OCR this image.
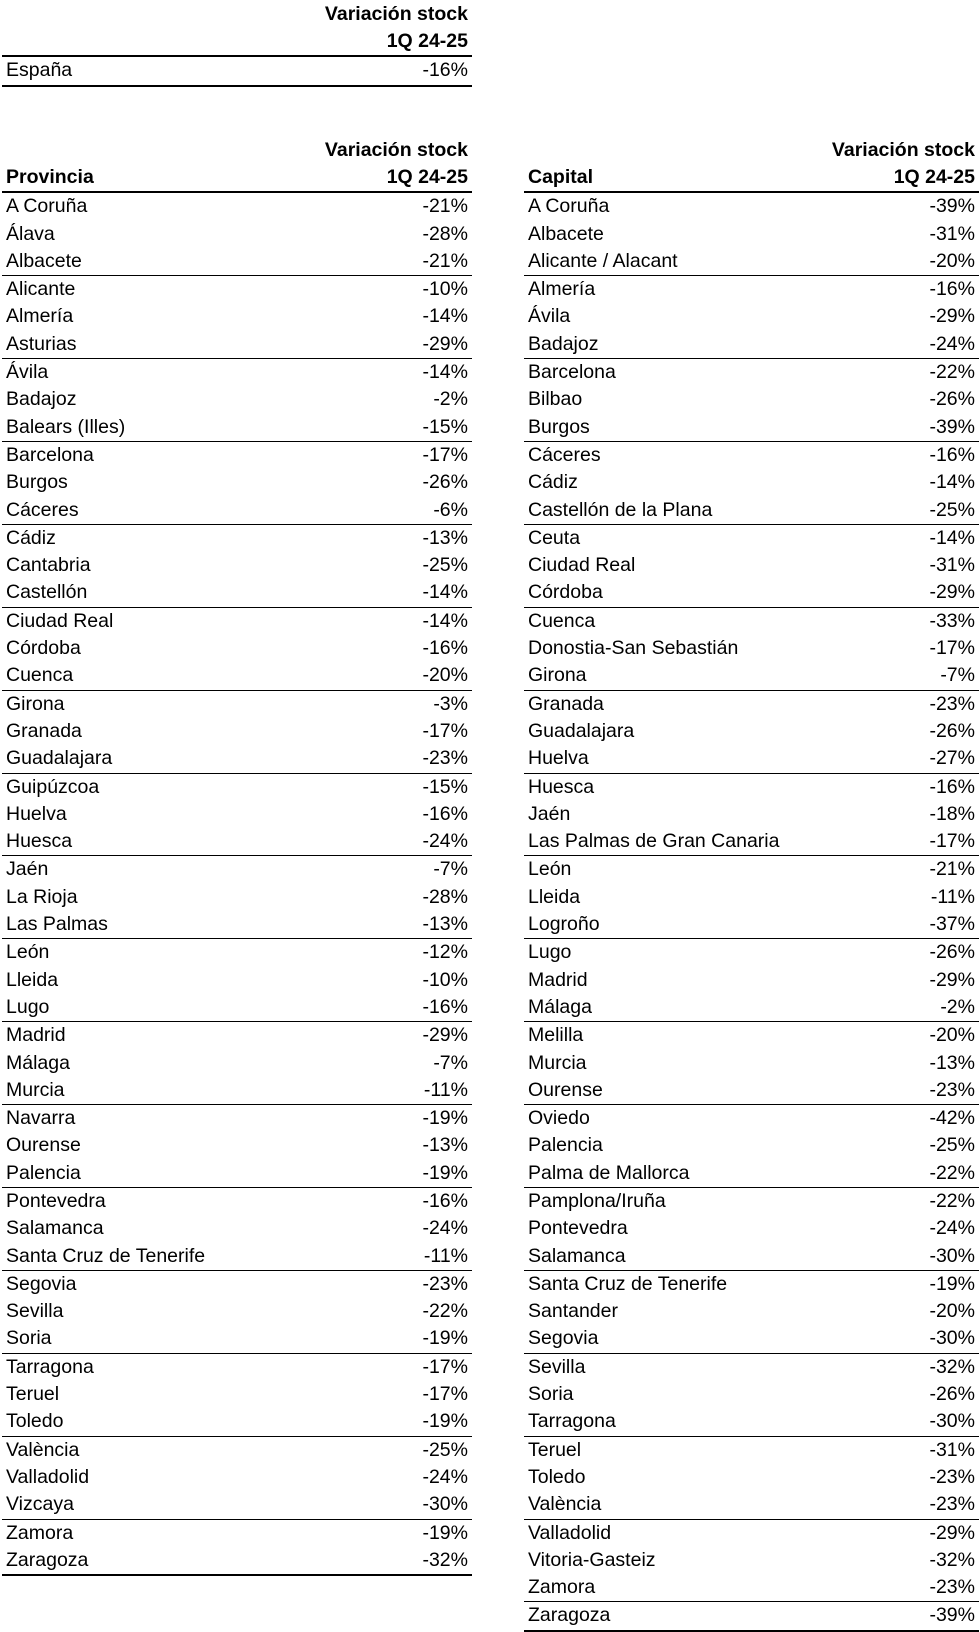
	Variación stock
	1Q 24-25
España	-16%
	Variación stock
Provincia	1Q 24-25
A Coruña	-21%
Álava	-28%
Albacete	-21%
Alicante	-10%
Almería	-14%
Asturias	-29%
Ávila	-14%
Badajoz	-2%
Balears (Illes)	-15%
Barcelona	-17%
Burgos	-26%
Cáceres	-6%
Cádiz	-13%
Cantabria	-25%
Castellón	-14%
Ciudad Real	-14%
Córdoba	-16%
Cuenca	-20%
Girona	-3%
Granada	-17%
Guadalajara	-23%
Guipúzcoa	-15%
Huelva	-16%
Huesca	-24%
Jaén	-7%
La Rioja	-28%
Las Palmas	-13%
León	-12%
Lleida	-10%
Lugo	-16%
Madrid	-29%
Málaga	-7%
Murcia	-11%
Navarra	-19%
Ourense	-13%
Palencia	-19%
Pontevedra	-16%
Salamanca	-24%
Santa Cruz de Tenerife	-11%
Segovia	-23%
Sevilla	-22%
Soria	-19%
Tarragona	-17%
Teruel	-17%
Toledo	-19%
València	-25%
Valladolid	-24%
Vizcaya	-30%
Zamora	-19%
Zaragoza	-32%
	Variación stock
Capital	1Q 24-25
A Coruña	-39%
Albacete	-31%
Alicante / Alacant	-20%
Almería	-16%
Ávila	-29%
Badajoz	-24%
Barcelona	-22%
Bilbao	-26%
Burgos	-39%
Cáceres	-16%
Cádiz	-14%
Castellón de la Plana	-25%
Ceuta	-14%
Ciudad Real	-31%
Córdoba	-29%
Cuenca	-33%
Donostia-San Sebastián	-17%
Girona	-7%
Granada	-23%
Guadalajara	-26%
Huelva	-27%
Huesca	-16%
Jaén	-18%
Las Palmas de Gran Canaria	-17%
León	-21%
Lleida	-11%
Logroño	-37%
Lugo	-26%
Madrid	-29%
Málaga	-2%
Melilla	-20%
Murcia	-13%
Ourense	-23%
Oviedo	-42%
Palencia	-25%
Palma de Mallorca	-22%
Pamplona/Iruña	-22%
Pontevedra	-24%
Salamanca	-30%
Santa Cruz de Tenerife	-19%
Santander	-20%
Segovia	-30%
Sevilla	-32%
Soria	-26%
Tarragona	-30%
Teruel	-31%
Toledo	-23%
València	-23%
Valladolid	-29%
Vitoria-Gasteiz	-32%
Zamora	-23%
Zaragoza	-39%
